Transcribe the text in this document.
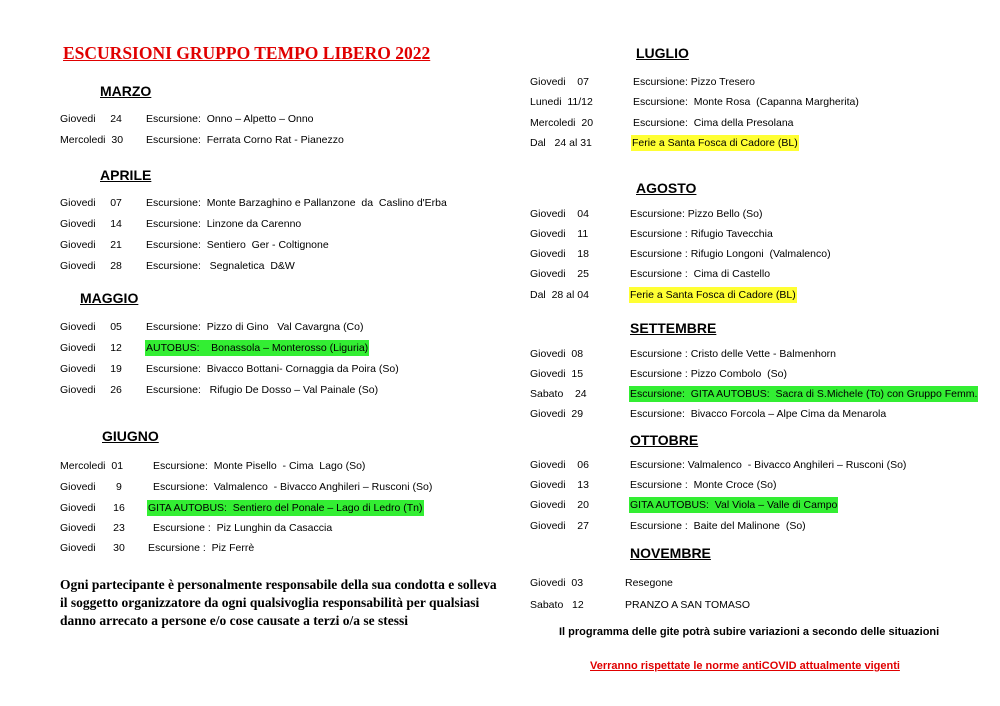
ESCURSIONI GRUPPO TEMPO LIBERO 2022
MARZO
Giovedi     24 Escursione:  Onno – Alpetto – Onno
Mercoledi  30 Escursione:  Ferrata Corno Rat - Pianezzo
APRILE
Giovedi     07 Escursione:  Monte Barzaghino e Pallanzone  da  Caslino d'Erba
Giovedi     14 Escursione:  Linzone da Carenno
Giovedi     21 Escursione:  Sentiero  Ger - Coltignone
Giovedi     28 Escursione:   Segnaletica  D&W
MAGGIO
Giovedi     05 Escursione:  Pizzo di Gino   Val Cavargna (Co)
Giovedi     12 AUTOBUS:    Bonassola – Monterosso (Liguria)
Giovedi     19 Escursione:  Bivacco Bottani- Cornaggia da Poira (So)
Giovedi     26 Escursione:   Rifugio De Dosso – Val Painale (So)
GIUGNO
Mercoledi  01	Escursione:  Monte Pisello  - Cima  Lago (So)
Giovedi       9	Escursione:  Valmalenco  - Bivacco Anghileri – Rusconi (So)
Giovedi      16 GITA AUTOBUS:  Sentiero del Ponale – Lago di Ledro (Tn)
Giovedi      23	Escursione :  Piz Lunghin da Casaccia
Giovedi      30 Escursione :  Piz Ferrè
LUGLIO
Giovedi    07	Escursione: Pizzo Tresero
Lunedi  11/12	Escursione:  Monte Rosa  (Capanna Margherita)
Mercoledi  20	Escursione:  Cima della Presolana
Dal   24 al 31	Ferie a Santa Fosca di Cadore (BL)
AGOSTO
Giovedi    04	Escursione: Pizzo Bello (So)
Giovedi    11	Escursione : Rifugio Tavecchia
Giovedi    18	Escursione : Rifugio Longoni  (Valmalenco)
Giovedi    25	Escursione :  Cima di Castello
Dal  28 al 04	Ferie a Santa Fosca di Cadore (BL)
SETTEMBRE
Giovedi  08	Escursione : Cristo delle Vette - Balmenhorn
Giovedi  15	Escursione : Pizzo Combolo  (So)
Sabato    24	Escursione:  GITA AUTOBUS:  Sacra di S.Michele (To) con Gruppo Femm.
Giovedi  29	Escursione:  Bivacco Forcola – Alpe Cima da Menarola
OTTOBRE
Giovedi    06	Escursione: Valmalenco  - Bivacco Anghileri – Rusconi (So)
Giovedi    13	Escursione :  Monte Croce (So)
Giovedi    20	GITA AUTOBUS:  Val Viola – Valle di Campo
Giovedi    27	Escursione :  Baite del Malinone  (So)
NOVEMBRE
Giovedi  03	Resegone
Sabato   12	PRANZO A SAN TOMASO
Ogni partecipante è personalmente responsabile della sua condotta e solleva il soggetto organizzatore da ogni qualsivoglia responsabilità per qualsiasi danno arrecato a persone e/o cose causate a terzi o/a se stessi
Il programma delle gite potrà subire variazioni a secondo delle situazioni
Verranno rispettate le norme antiCOVID attualmente vigenti
